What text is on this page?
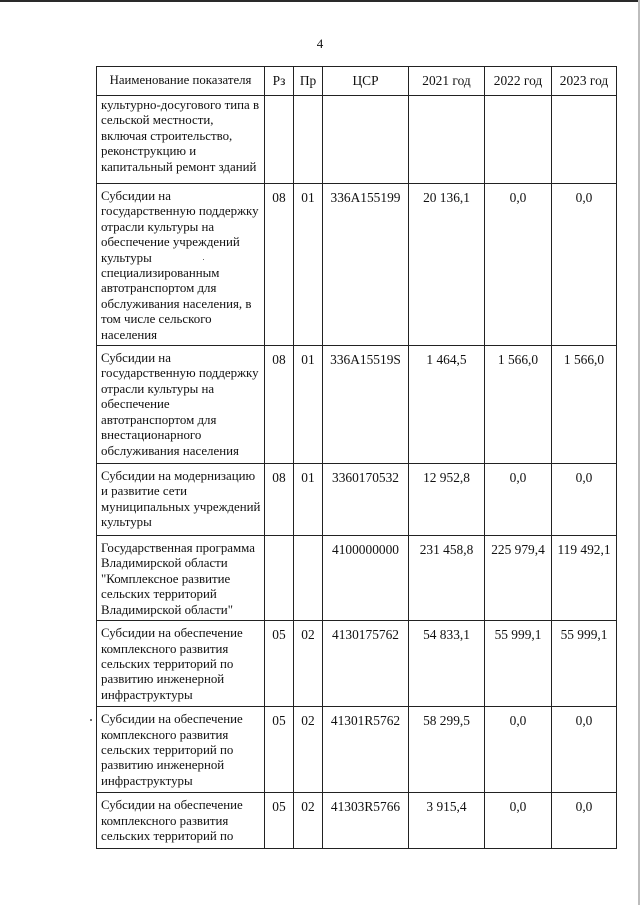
4
Наименование показателя	Рз	Пр	ЦСР	2021 год	2022 год	2023 год
культурно-досугового типа в сельской местности, включая строительство, реконструкцию и капитальный ремонт зданий						
Субсидии на государственную поддержку отрасли культуры на обеспечение учреждений культуры специализированным автотранспортом для обслуживания населения, в том числе сельского населения	08	01	336A155199	20 136,1	0,0	0,0
Субсидии на государственную поддержку отрасли культуры на обеспечение автотранспортом для внестационарного обслуживания населения	08	01	336A15519S	1 464,5	1 566,0	1 566,0
Субсидии на модернизацию и развитие сети муниципальных учреждений культуры	08	01	3360170532	12 952,8	0,0	0,0
Государственная программа Владимирской области "Комплексное развитие сельских территорий Владимирской области"			4100000000	231 458,8	225 979,4	119 492,1
Субсидии на обеспечение комплексного развития сельских территорий по развитию инженерной инфраструктуры	05	02	4130175762	54 833,1	55 999,1	55 999,1
Субсидии на обеспечение комплексного развития сельских территорий по развитию инженерной инфраструктуры	05	02	41301R5762	58 299,5	0,0	0,0
Субсидии на обеспечение комплексного развития сельских территорий по	05	02	41303R5766	3 915,4	0,0	0,0
